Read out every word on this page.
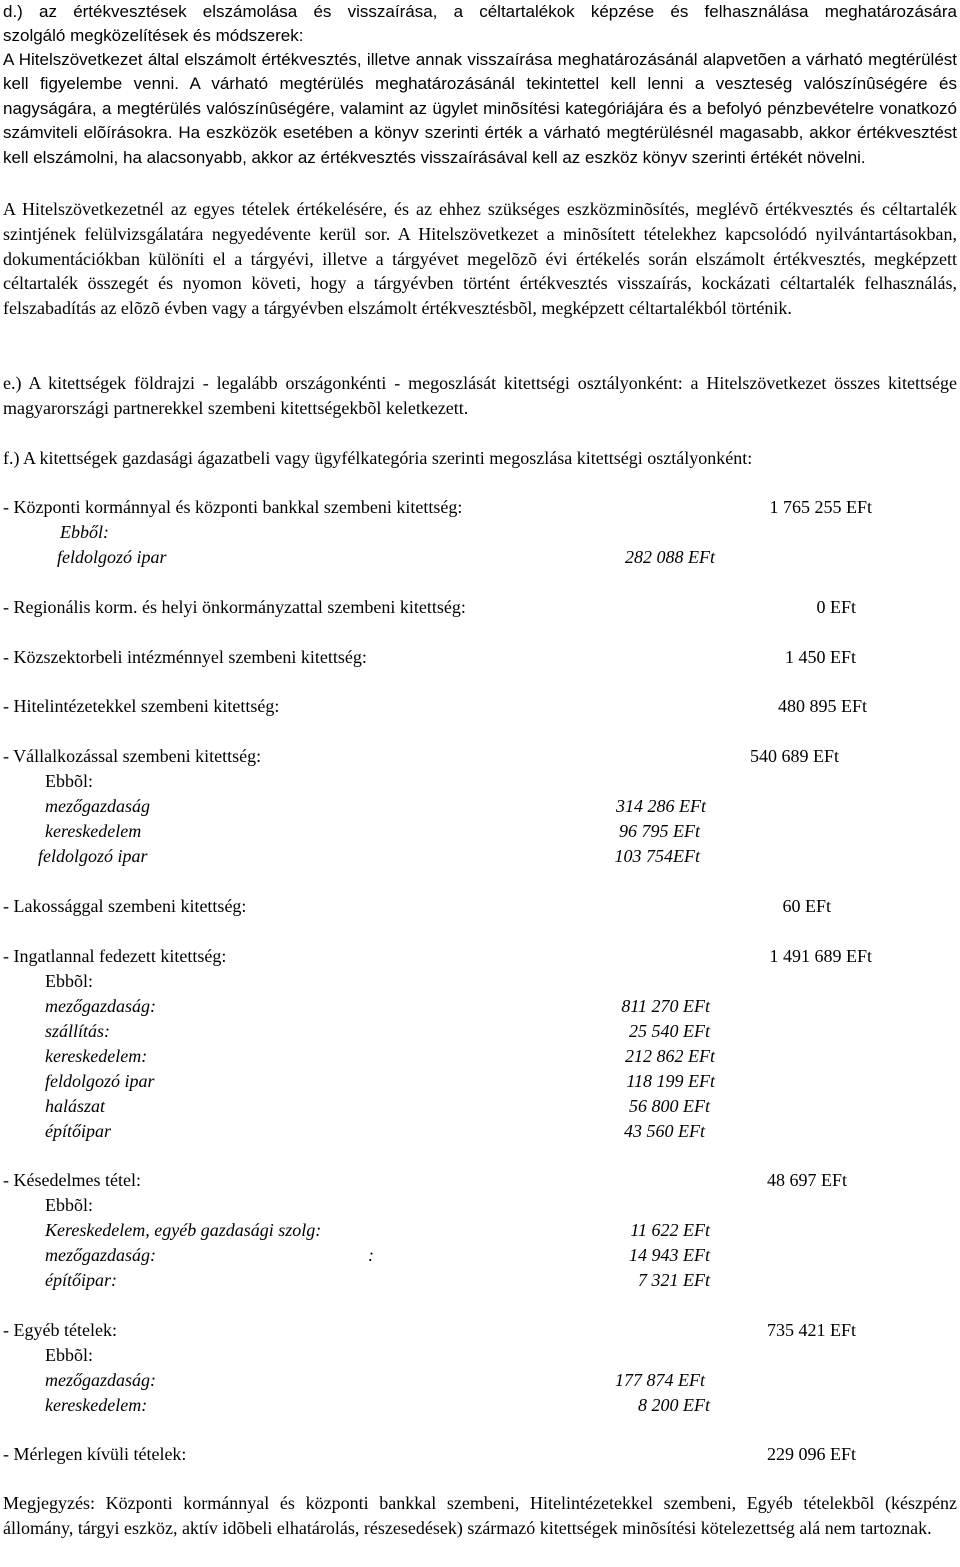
d.) az értékvesztések elszámolása és visszaírása, a céltartalékok képzése és felhasználása meghatározására
szolgáló megközelítések és módszerek:
A Hitelszövetkezet által elszámolt értékvesztés, illetve annak visszaírása meghatározásánál alapvetõen a várható megtérülést kell figyelembe venni. A várható megtérülés meghatározásánál tekintettel kell lenni a veszteség valószínûségére és nagyságára, a megtérülés valószínûségére, valamint az ügylet minõsítési kategóriájára és a befolyó pénzbevételre vonatkozó számviteli elõírásokra. Ha eszközök esetében a könyv szerinti érték a várható megtérülésnél magasabb, akkor értékvesztést kell elszámolni, ha alacsonyabb, akkor az értékvesztés visszaírásával kell az eszköz könyv szerinti értékét növelni.
A Hitelszövetkezetnél az egyes tételek értékelésére, és az ehhez szükséges eszközminõsítés, meglévõ értékvesztés és céltartalék szintjének felülvizsgálatára negyedévente kerül sor. A Hitelszövetkezet a minõsített tételekhez kapcsolódó nyilvántartásokban, dokumentációkban különíti el a tárgyévi, illetve a tárgyévet megelõzõ évi értékelés során elszámolt értékvesztés, megképzett céltartalék összegét és nyomon követi, hogy a tárgyévben történt értékvesztés visszaírás, kockázati céltartalék felhasználás, felszabadítás az elõzõ évben vagy a tárgyévben elszámolt értékvesztésbõl, megképzett céltartalékból történik.
e.) A kitettségek földrajzi - legalább országonkénti - megoszlását kitettségi osztályonként: a Hitelszövetkezet összes kitettsége magyarországi partnerekkel szembeni kitettségekbõl keletkezett.
f.) A kitettségek gazdasági ágazatbeli vagy ügyfélkategória szerinti megoszlása kitettségi osztályonként:
- Központi kormánnyal és központi bankkal szembeni kitettség:	1 765 255 EFt
Ebből:
feldolgozó ipar	282 088 EFt
- Regionális korm. és helyi önkormányzattal szembeni kitettség:	0 EFt
- Közszektorbeli intézménnyel szembeni kitettség:	1 450 EFt
- Hitelintézetekkel szembeni kitettség:	480 895 EFt
- Vállalkozással szembeni kitettség:	540 689 EFt
Ebbõl:
mezőgazdaság	314 286 EFt
kereskedelem	96 795 EFt
feldolgozó ipar	103 754EFt
- Lakossággal szembeni kitettség:	60 EFt
- Ingatlannal fedezett kitettség:	1 491 689 EFt
Ebbõl:
mezőgazdaság:	811 270 EFt
szállítás:	25 540 EFt
kereskedelem:	212 862 EFt
feldolgozó ipar	118 199 EFt
halászat	56 800 EFt
építőipar	43 560 EFt
- Késedelmes tétel:	48 697 EFt
Ebbõl:
Kereskedelem, egyéb gazdasági szolg:	11 622 EFt
mezőgazdaság:	:	14 943 EFt
építőipar:	7 321 EFt
- Egyéb tételek:	735 421 EFt
Ebbõl:
mezőgazdaság:	177 874 EFt
kereskedelem:	8 200 EFt
- Mérlegen kívüli tételek:	229 096 EFt
Megjegyzés: Központi kormánnyal és központi bankkal szembeni, Hitelintézetekkel szembeni, Egyéb tételekbõl (készpénz állomány, tárgyi eszköz, aktív idõbeli elhatárolás, részesedések) származó kitettségek minõsítési kötelezettség alá nem tartoznak.
